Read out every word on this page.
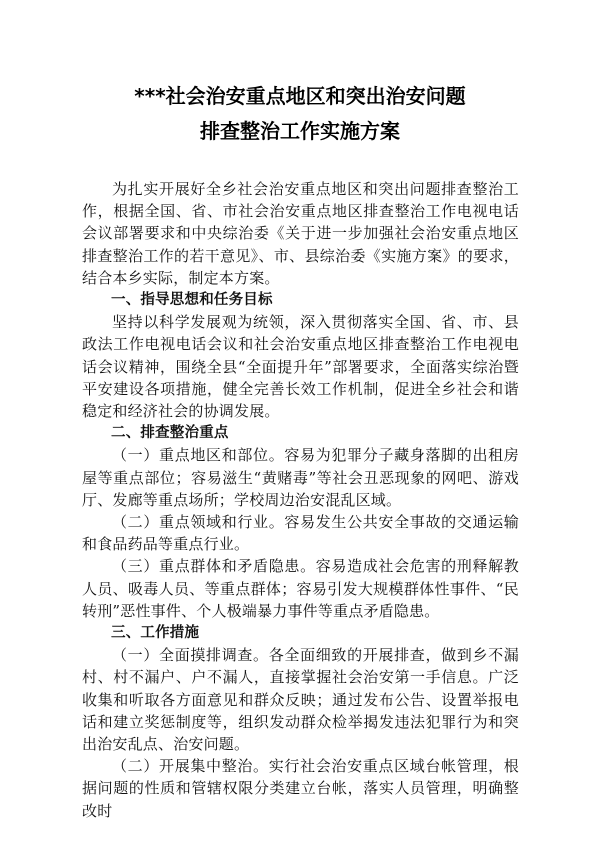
***社会治安重点地区和突出治安问题
排查整治工作实施方案

为扎实开展好全乡社会治安重点地区和突出问题排查整治工作，根据全国、省、市社会治安重点地区排查整治工作电视电话会议部署要求和中央综治委《关于进一步加强社会治安重点地区排查整治工作的若干意见》、市、县综治委《实施方案》的要求，结合本乡实际，制定本方案。

一、指导思想和任务目标

坚持以科学发展观为统领，深入贯彻落实全国、省、市、县政法工作电视电话会议和社会治安重点地区排查整治工作电视电话会议精神，围绕全县“全面提升年”部署要求，全面落实综治暨平安建设各项措施，健全完善长效工作机制，促进全乡社会和谐稳定和经济社会的协调发展。

二、排查整治重点

（一）重点地区和部位。容易为犯罪分子藏身落脚的出租房屋等重点部位；容易滋生“黄赌毒”等社会丑恶现象的网吧、游戏厅、发廊等重点场所；学校周边治安混乱区域。

（二）重点领域和行业。容易发生公共安全事故的交通运输和食品药品等重点行业。

（三）重点群体和矛盾隐患。容易造成社会危害的刑释解教人员、吸毒人员、等重点群体；容易引发大规模群体性事件、“民转刑”恶性事件、个人极端暴力事件等重点矛盾隐患。

三、工作措施

（一）全面摸排调查。各全面细致的开展排查，做到乡不漏村、村不漏户、户不漏人，直接掌握社会治安第一手信息。广泛收集和听取各方面意见和群众反映；通过发布公告、设置举报电话和建立奖惩制度等，组织发动群众检举揭发违法犯罪行为和突出治安乱点、治安问题。

（二）开展集中整治。实行社会治安重点区域台帐管理，根据问题的性质和管辖权限分类建立台帐，落实人员管理，明确整改时
